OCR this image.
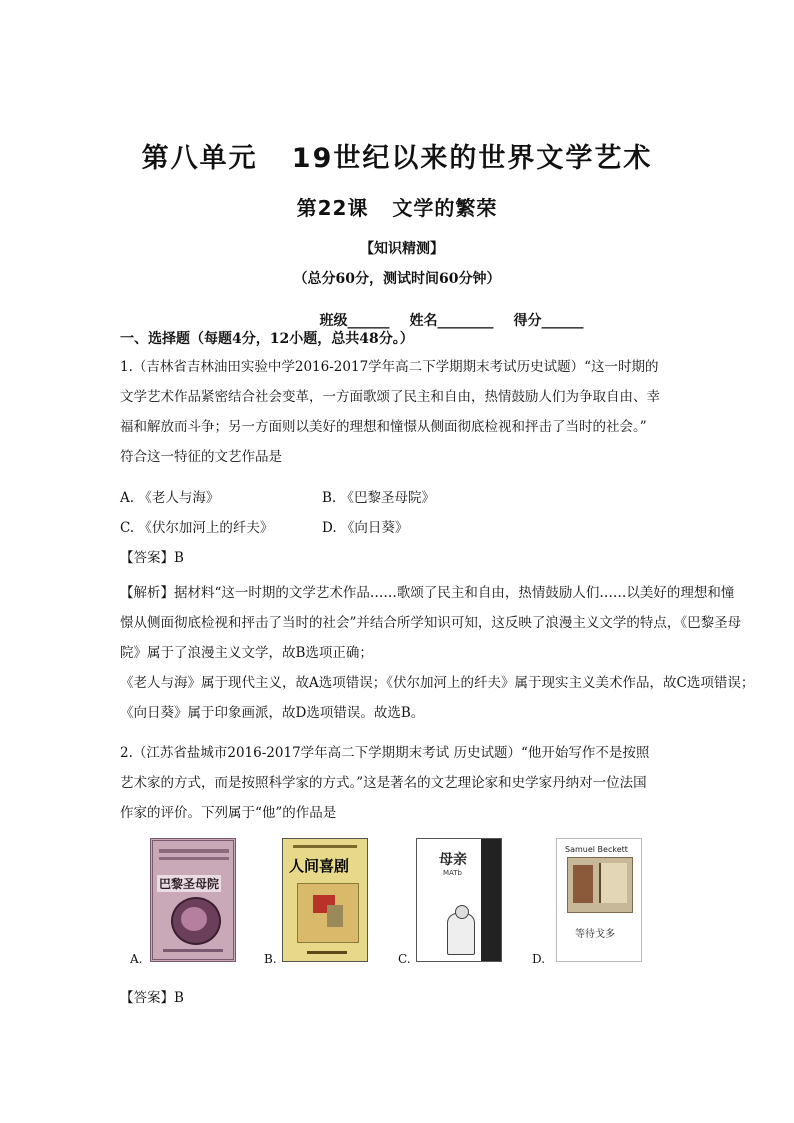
第八单元   19世纪以来的世界文学艺术
第22课   文学的繁荣
【知识精测】
（总分60分，测试时间60分钟）

班级______ 姓名________ 得分______

一、选择题（每题4分，12小题，总共48分。）
1.（吉林省吉林油田实验中学2016-2017学年高二下学期期末考试历史试题）“这一时期的
文学艺术作品紧密结合社会变革，一方面歌颂了民主和自由，热情鼓励人们为争取自由、幸
福和解放而斗争；另一方面则以美好的理想和憧憬从侧面彻底检视和抨击了当时的社会。”
符合这一特征的文艺作品是
A. 《老人与海》	B. 《巴黎圣母院》
C. 《伏尔加河上的纤夫》	D. 《向日葵》
【答案】B
【解析】据材料“这一时期的文学艺术作品……歌颂了民主和自由，热情鼓励人们……以美好的理想和憧
憬从侧面彻底检视和抨击了当时的社会”并结合所学知识可知，这反映了浪漫主义文学的特点，《巴黎圣母
院》属于了浪漫主义文学，故B选项正确；
《老人与海》属于现代主义，故A选项错误；《伏尔加河上的纤夫》属于现实主义美术作品，故C选项错误；
《向日葵》属于印象画派，故D选项错误。故选B。
2.（江苏省盐城市2016-2017学年高二下学期期末考试 历史试题）“他开始写作不是按照
艺术家的方式，而是按照科学家的方式。”这是著名的文艺理论家和史学家丹纳对一位法国
作家的评价。下列属于“他”的作品是
A.
巴黎圣母院
B.
人间喜剧
C.
母亲
MATb
D.
Samuel Beckett
等待戈多
【答案】B
